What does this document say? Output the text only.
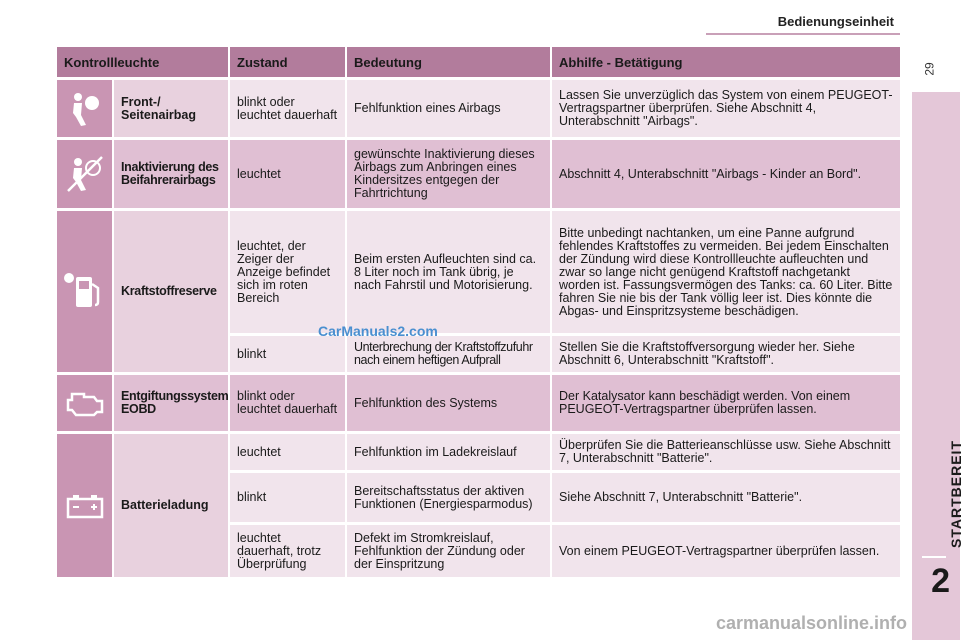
Bedienungseinheit
29
STARTBEREIT
2
Kontrollleuchte		Zustand	Bedeutung	Abhilfe - Betätigung

	Front-/ Seitenairbag	blinkt oder leuchtet dauerhaft	Fehlfunktion eines Airbags	Lassen Sie unverzüglich das System von einem PEUGEOT-Vertragspartner überprüfen. Siehe Abschnitt 4, Unterabschnitt "Airbags".

	Inaktivierung des Beifahrerairbags	leuchtet	gewünschte Inaktivierung dieses Airbags zum Anbringen eines Kindersitzes entgegen der Fahrtrichtung	Abschnitt 4, Unterabschnitt "Airbags - Kinder an Bord".

	Kraftstoffreserve	leuchtet, der Zeiger der Anzeige befindet sich im roten Bereich	Beim ersten Aufleuchten sind ca. 8 Liter noch im Tank übrig, je nach Fahrstil und Motorisierung.	Bitte unbedingt nachtanken, um eine Panne aufgrund fehlendes Kraftstoffes zu vermeiden. Bei jedem Einschalten der Zündung wird diese Kontrollleuchte aufleuchten und zwar so lange nicht genügend Kraftstoff nachgetankt worden ist. Fassungsvermögen des Tanks: ca. 60 Liter. Bitte fahren Sie nie bis der Tank völlig leer ist. Dies könnte die Abgas- und Einspritzsysteme beschädigen.
		blinkt	Unterbrechung der Kraftstoffzufuhr nach einem heftigen Aufprall	Stellen Sie die Kraftstoffversorgung wieder her. Siehe Abschnitt 6, Unterabschnitt "Kraftstoff".

	Entgiftungssystem EOBD	blinkt oder leuchtet dauerhaft	Fehlfunktion des Systems	Der Katalysator kann beschädigt werden. Von einem PEUGEOT-Vertragspartner überprüfen lassen.

	Batterieladung	leuchtet	Fehlfunktion im Ladekreislauf	Überprüfen Sie die Batterieanschlüsse usw. Siehe Abschnitt 7, Unterabschnitt "Batterie".
		blinkt	Bereitschaftsstatus der aktiven Funktionen (Energiesparmodus)	Siehe Abschnitt 7, Unterabschnitt "Batterie".
		leuchtet dauerhaft, trotz Überprüfung	Defekt im Stromkreislauf, Fehlfunktion der Zündung oder der Einspritzung	Von einem PEUGEOT-Vertragspartner überprüfen lassen.
CarManuals2.com
carmanualsonline.info
